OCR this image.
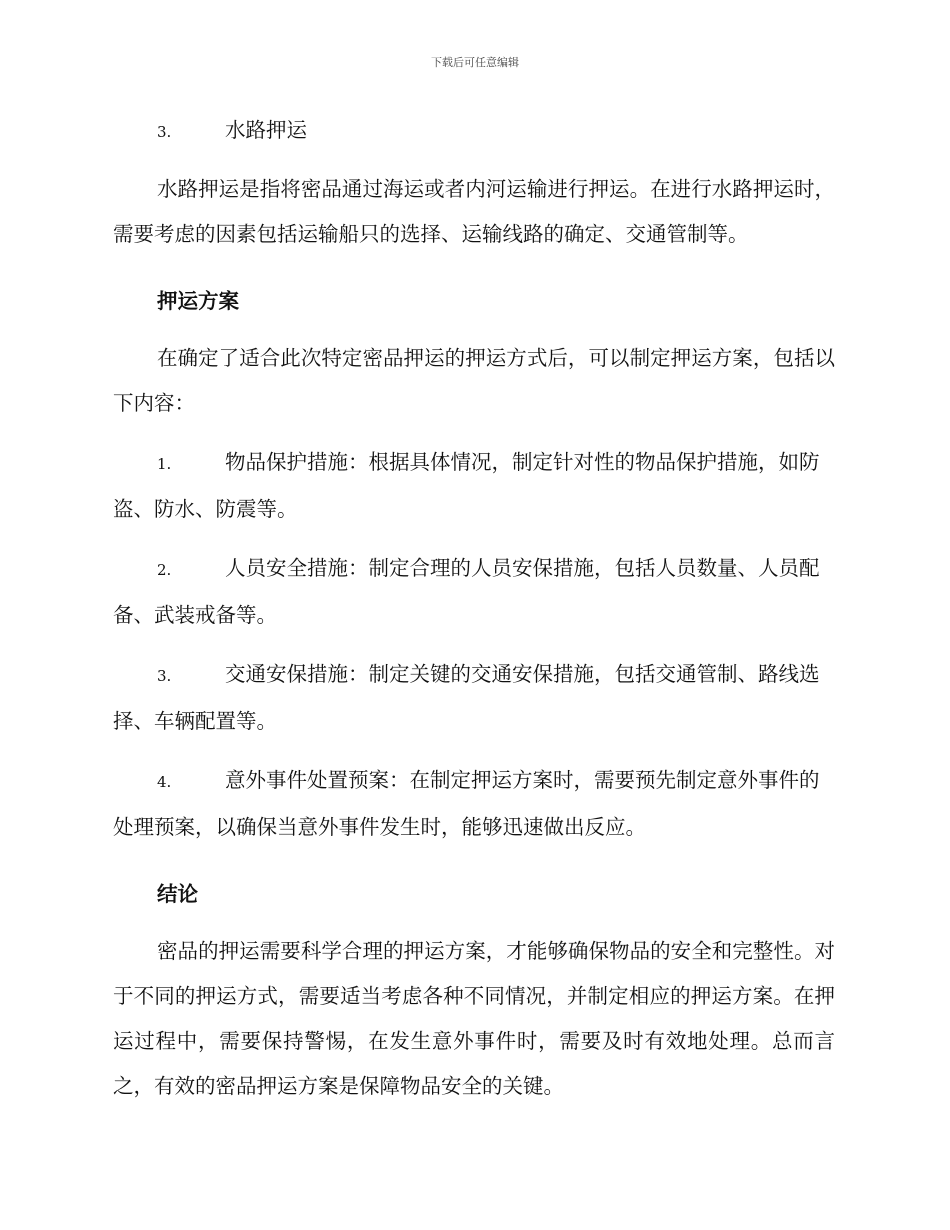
下载后可任意编辑
3.	水路押运
水路押运是指将密品通过海运或者内河运输进行押运。在进行水路押运时，需要考虑的因素包括运输船只的选择、运输线路的确定、交通管制等。
押运方案
在确定了适合此次特定密品押运的押运方式后，可以制定押运方案，包括以下内容：
1.	物品保护措施：根据具体情况，制定针对性的物品保护措施，如防盗、防水、防震等。
2.	人员安全措施：制定合理的人员安保措施，包括人员数量、人员配备、武装戒备等。
3.	交通安保措施：制定关键的交通安保措施，包括交通管制、路线选择、车辆配置等。
4.	意外事件处置预案：在制定押运方案时，需要预先制定意外事件的处理预案，以确保当意外事件发生时，能够迅速做出反应。
结论
密品的押运需要科学合理的押运方案，才能够确保物品的安全和完整性。对于不同的押运方式，需要适当考虑各种不同情况，并制定相应的押运方案。在押运过程中，需要保持警惕，在发生意外事件时，需要及时有效地处理。总而言之，有效的密品押运方案是保障物品安全的关键。
